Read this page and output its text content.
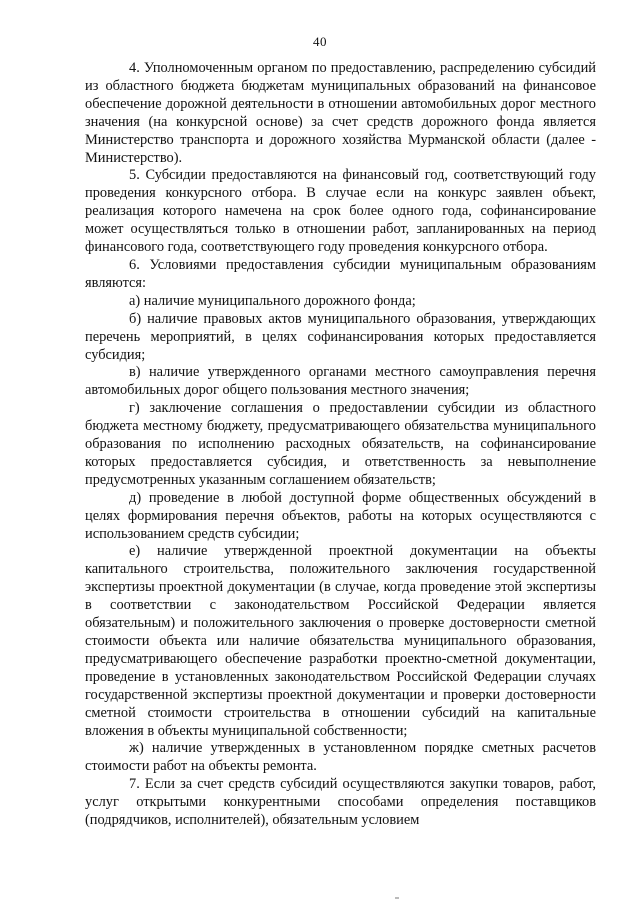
40

4. Уполномоченным органом по предоставлению, распределению субсидий из областного бюджета бюджетам муниципальных образований на финансовое обеспечение дорожной деятельности в отношении автомобильных дорог местного значения (на конкурсной основе) за счет средств дорожного фонда является Министерство транспорта и дорожного хозяйства Мурманской области (далее - Министерство).

5. Субсидии предоставляются на финансовый год, соответствующий году проведения конкурсного отбора. В случае если на конкурс заявлен объект, реализация которого намечена на срок более одного года, софинансирование может осуществляться только в отношении работ, запланированных на период финансового года, соответствующего году проведения конкурсного отбора.

6. Условиями предоставления субсидии муниципальным образованиям являются:

а) наличие муниципального дорожного фонда;

б) наличие правовых актов муниципального образования, утверждающих перечень мероприятий, в целях софинансирования которых предоставляется субсидия;

в) наличие утвержденного органами местного самоуправления перечня автомобильных дорог общего пользования местного значения;

г) заключение соглашения о предоставлении субсидии из областного бюджета местному бюджету, предусматривающего обязательства муниципального образования по исполнению расходных обязательств, на софинансирование которых предоставляется субсидия, и ответственность за невыполнение предусмотренных указанным соглашением обязательств;

д) проведение в любой доступной форме общественных обсуждений в целях формирования перечня объектов, работы на которых осуществляются с использованием средств субсидии;

е) наличие утвержденной проектной документации на объекты капитального строительства, положительного заключения государственной экспертизы проектной документации (в случае, когда проведение этой экспертизы в соответствии с законодательством Российской Федерации является обязательным) и положительного заключения о проверке достоверности сметной стоимости объекта или наличие обязательства муниципального образования, предусматривающего обеспечение разработки проектно-сметной документации, проведение в установленных законодательством Российской Федерации случаях государственной экспертизы проектной документации и проверки достоверности сметной стоимости строительства в отношении субсидий на капитальные вложения в объекты муниципальной собственности;

ж) наличие утвержденных в установленном порядке сметных расчетов стоимости работ на объекты ремонта.

7. Если за счет средств субсидий осуществляются закупки товаров, работ, услуг открытыми конкурентными способами определения поставщиков (подрядчиков, исполнителей), обязательным условием
